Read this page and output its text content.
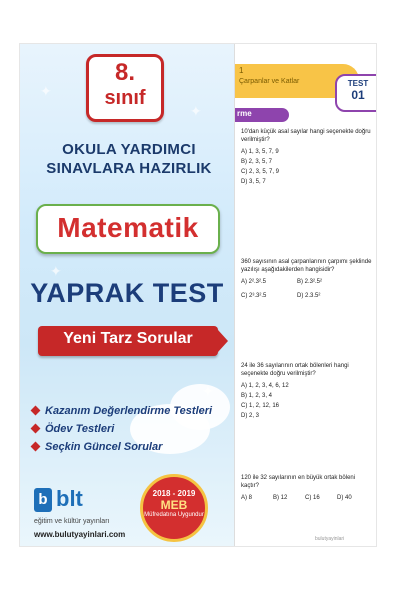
✦
✦
✦
8.
sınıf
OKULA YARDIMCI
SINAVLARA HAZIRLIK
Matematik
YAPRAK TEST
Yeni Tarz Sorular
Kazanım Değerlendirme Testleri
Ödev Testleri
Seçkin Güncel Sorular
b blt
eğitim ve kültür yayınları
www.bulutyayinlari.com
2018 - 2019
MEB
Müfredatına Uygundur
1
Çarpanlar ve Katlar	TEST
01
rme
10'dan küçük asal sayılar hangi seçenekte doğru verilmiştir?
A) 1, 3, 5, 7, 9
B) 2, 3, 5, 7
C) 2, 3, 5, 7, 9
D) 3, 5, 7
360 sayısının asal çarpanlarının çarpımı şeklinde yazılışı aşağıdakilerden hangisidir?
A) 2².3².5	B) 2.3².5²
C) 2³.3².5	D) 2.3.5²
24 ile 36 sayılarının ortak bölenleri hangi seçenekte doğru verilmiştir?
A) 1, 2, 3, 4, 6, 12
B) 1, 2, 3, 4
C) 1, 2, 12, 16
D) 2, 3
120 ile 32 sayılarının en büyük ortak böleni kaçtır?
A) 8	B) 12	C) 16	D) 40
bulutyayinlari
